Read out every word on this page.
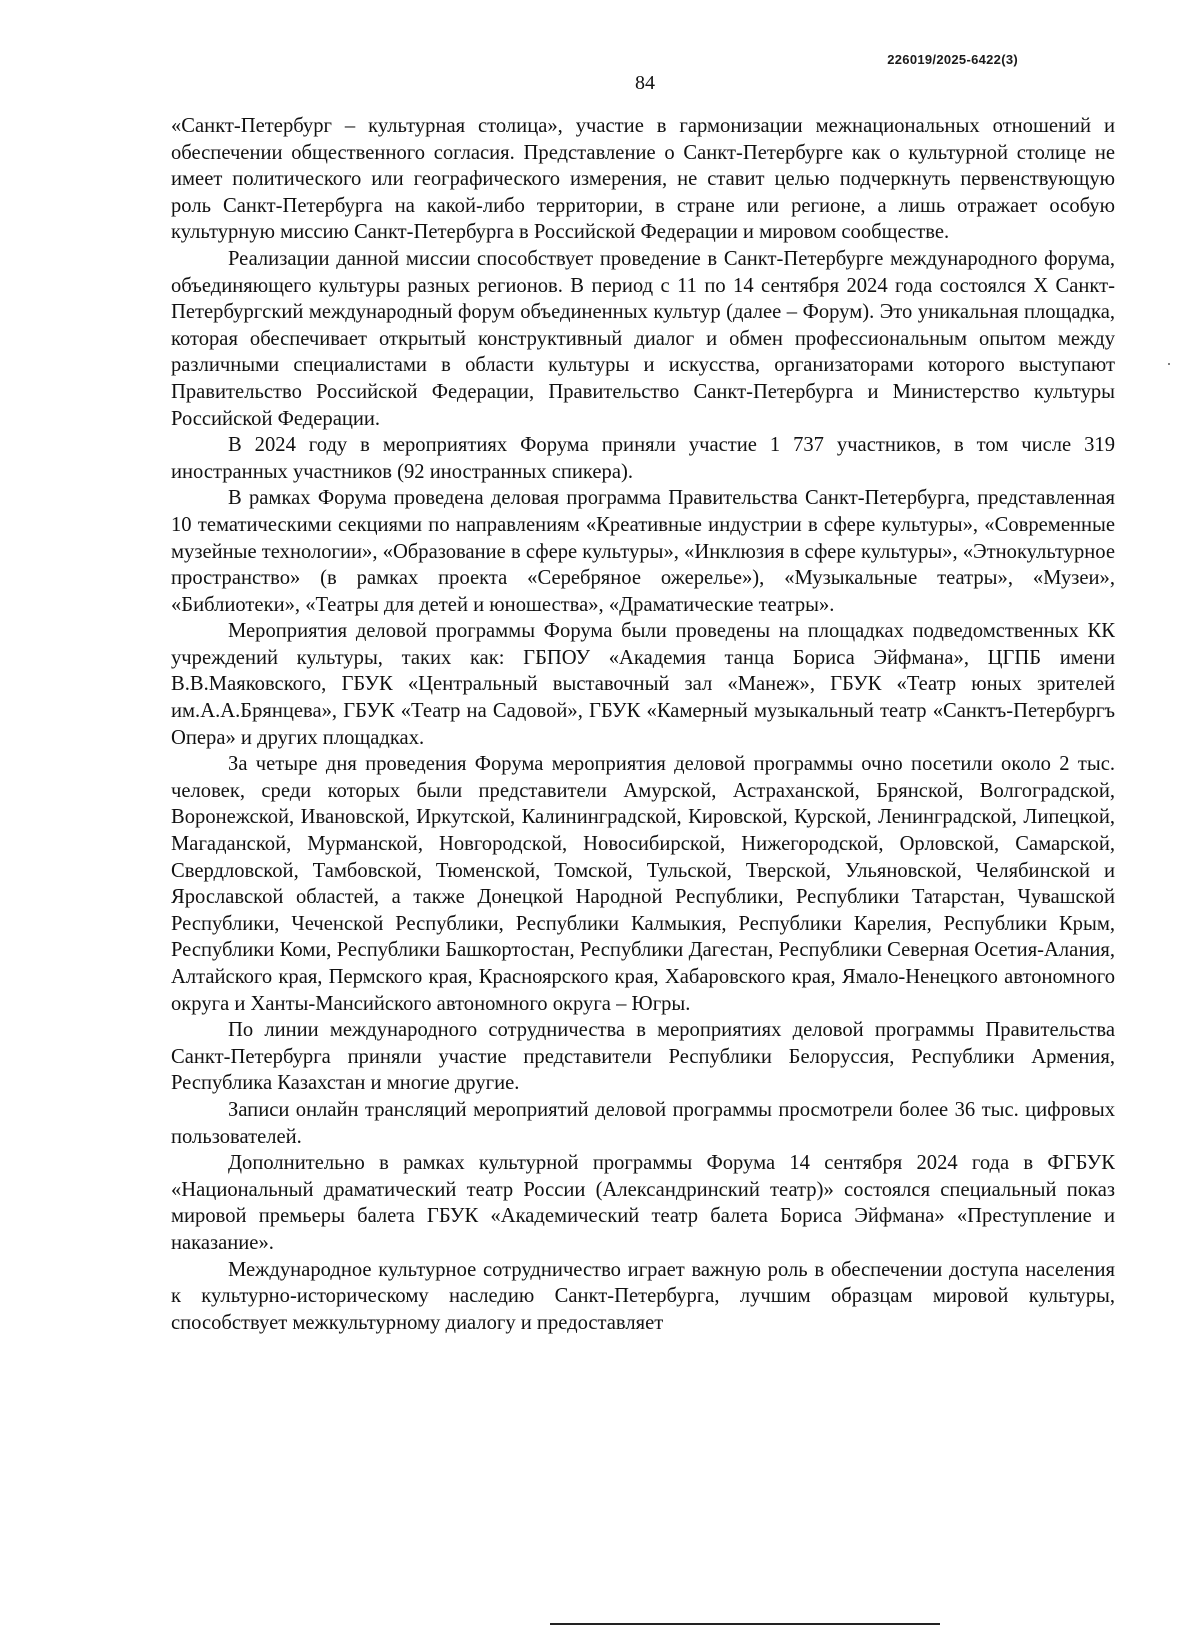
226019/2025-6422(3)
84

«Санкт-Петербург – культурная столица», участие в гармонизации межнациональных отношений и обеспечении общественного согласия. Представление о Санкт-Петербурге как о культурной столице не имеет политического или географического измерения, не ставит целью подчеркнуть первенствующую роль Санкт-Петербурга на какой-либо территории, в стране или регионе, а лишь отражает особую культурную миссию Санкт-Петербурга в Российской Федерации и мировом сообществе.

Реализации данной миссии способствует проведение в Санкт-Петербурге международного форума, объединяющего культуры разных регионов. В период с 11 по 14 сентября 2024 года состоялся X Санкт-Петербургский международный форум объединенных культур (далее – Форум). Это уникальная площадка, которая обеспечивает открытый конструктивный диалог и обмен профессиональным опытом между различными специалистами в области культуры и искусства, организаторами которого выступают Правительство Российской Федерации, Правительство Санкт-Петербурга и Министерство культуры Российской Федерации.

В 2024 году в мероприятиях Форума приняли участие 1 737 участников, в том числе 319 иностранных участников (92 иностранных спикера).

В рамках Форума проведена деловая программа Правительства Санкт-Петербурга, представленная 10 тематическими секциями по направлениям «Креативные индустрии в сфере культуры», «Современные музейные технологии», «Образование в сфере культуры», «Инклюзия в сфере культуры», «Этнокультурное пространство» (в рамках проекта «Серебряное ожерелье»), «Музыкальные театры», «Музеи», «Библиотеки», «Театры для детей и юношества», «Драматические театры».

Мероприятия деловой программы Форума были проведены на площадках подведомственных КК учреждений культуры, таких как: ГБПОУ «Академия танца Бориса Эйфмана», ЦГПБ имени В.В.Маяковского, ГБУК «Центральный выставочный зал «Манеж», ГБУК «Театр юных зрителей им.А.А.Брянцева», ГБУК «Театр на Садовой», ГБУК «Камерный музыкальный театр «Санктъ-Петербургъ Опера» и других площадках.

За четыре дня проведения Форума мероприятия деловой программы очно посетили около 2 тыс. человек, среди которых были представители Амурской, Астраханской, Брянской, Волгоградской, Воронежской, Ивановской, Иркутской, Калининградской, Кировской, Курской, Ленинградской, Липецкой, Магаданской, Мурманской, Новгородской, Новосибирской, Нижегородской, Орловской, Самарской, Свердловской, Тамбовской, Тюменской, Томской, Тульской, Тверской, Ульяновской, Челябинской и Ярославской областей, а также Донецкой Народной Республики, Республики Татарстан, Чувашской Республики, Чеченской Республики, Республики Калмыкия, Республики Карелия, Республики Крым, Республики Коми, Республики Башкортостан, Республики Дагестан, Республики Северная Осетия-Алания, Алтайского края, Пермского края, Красноярского края, Хабаровского края, Ямало-Ненецкого автономного округа и Ханты-Мансийского автономного округа – Югры.

По линии международного сотрудничества в мероприятиях деловой программы Правительства Санкт-Петербурга приняли участие представители Республики Белоруссия, Республики Армения, Республика Казахстан и многие другие.

Записи онлайн трансляций мероприятий деловой программы просмотрели более 36 тыс. цифровых пользователей.

Дополнительно в рамках культурной программы Форума 14 сентября 2024 года в ФГБУК «Национальный драматический театр России (Александринский театр)» состоялся специальный показ мировой премьеры балета ГБУК «Академический театр балета Бориса Эйфмана» «Преступление и наказание».

Международное культурное сотрудничество играет важную роль в обеспечении доступа населения к культурно-историческому наследию Санкт-Петербурга, лучшим образцам мировой культуры, способствует межкультурному диалогу и предоставляет
